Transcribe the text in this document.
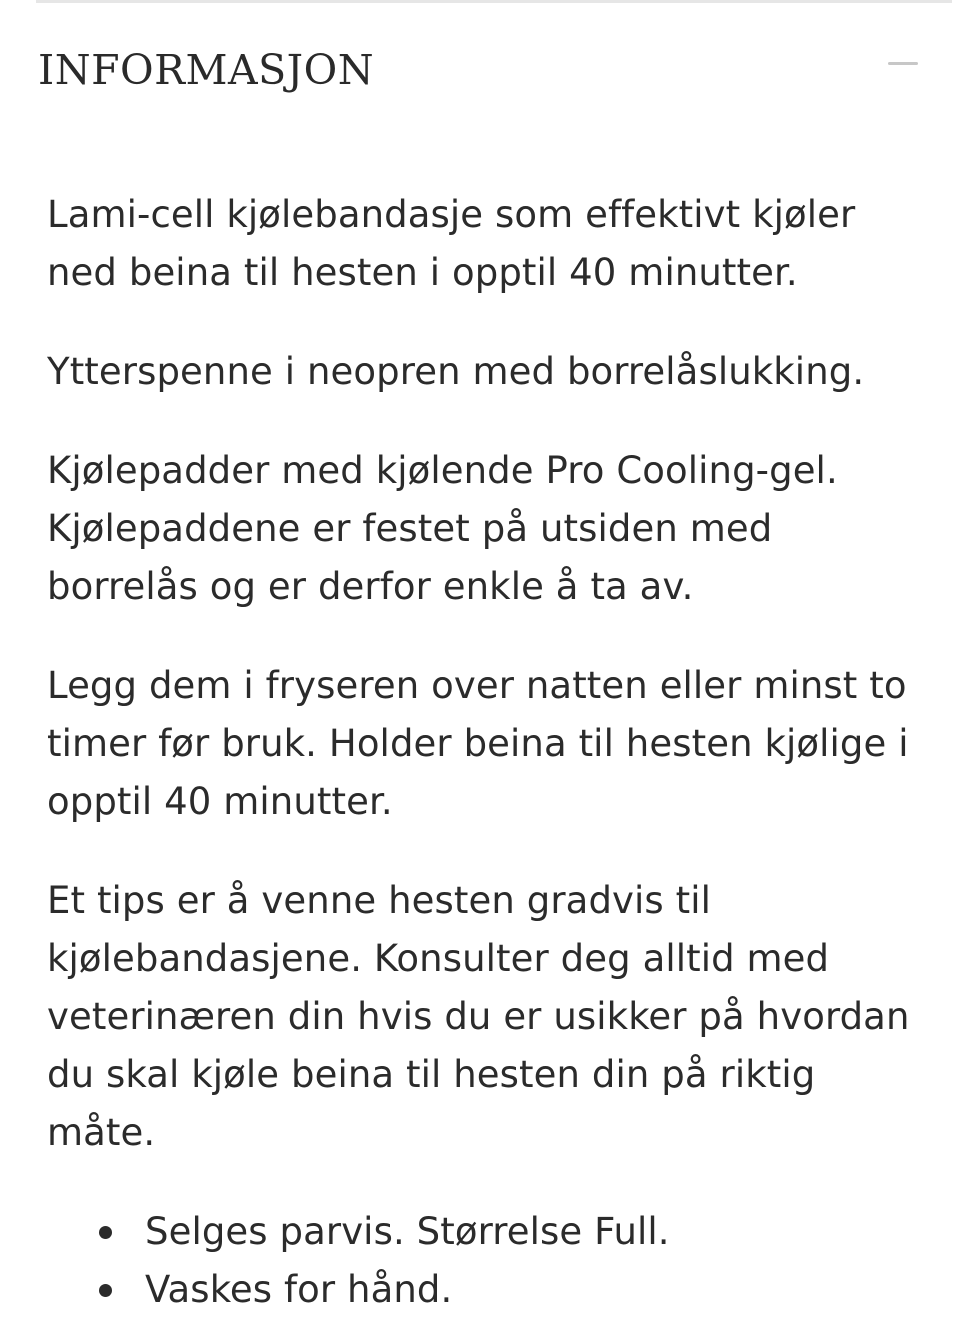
INFORMASJON

Lami-cell kjølebandasje som effektivt kjøler ned beina til hesten i opptil 40 minutter.

Ytterspenne i neopren med borrelåslukking.

Kjølepadder med kjølende Pro Cooling-gel. Kjølepaddene er festet på utsiden med borrelås og er derfor enkle å ta av.

Legg dem i fryseren over natten eller minst to timer før bruk. Holder beina til hesten kjølige i opptil 40 minutter.

Et tips er å venne hesten gradvis til kjølebandasjene. Konsulter deg alltid med veterinæren din hvis du er usikker på hvordan du skal kjøle beina til hesten din på riktig måte.

Selges parvis. Størrelse Full.
Vaskes for hånd.
